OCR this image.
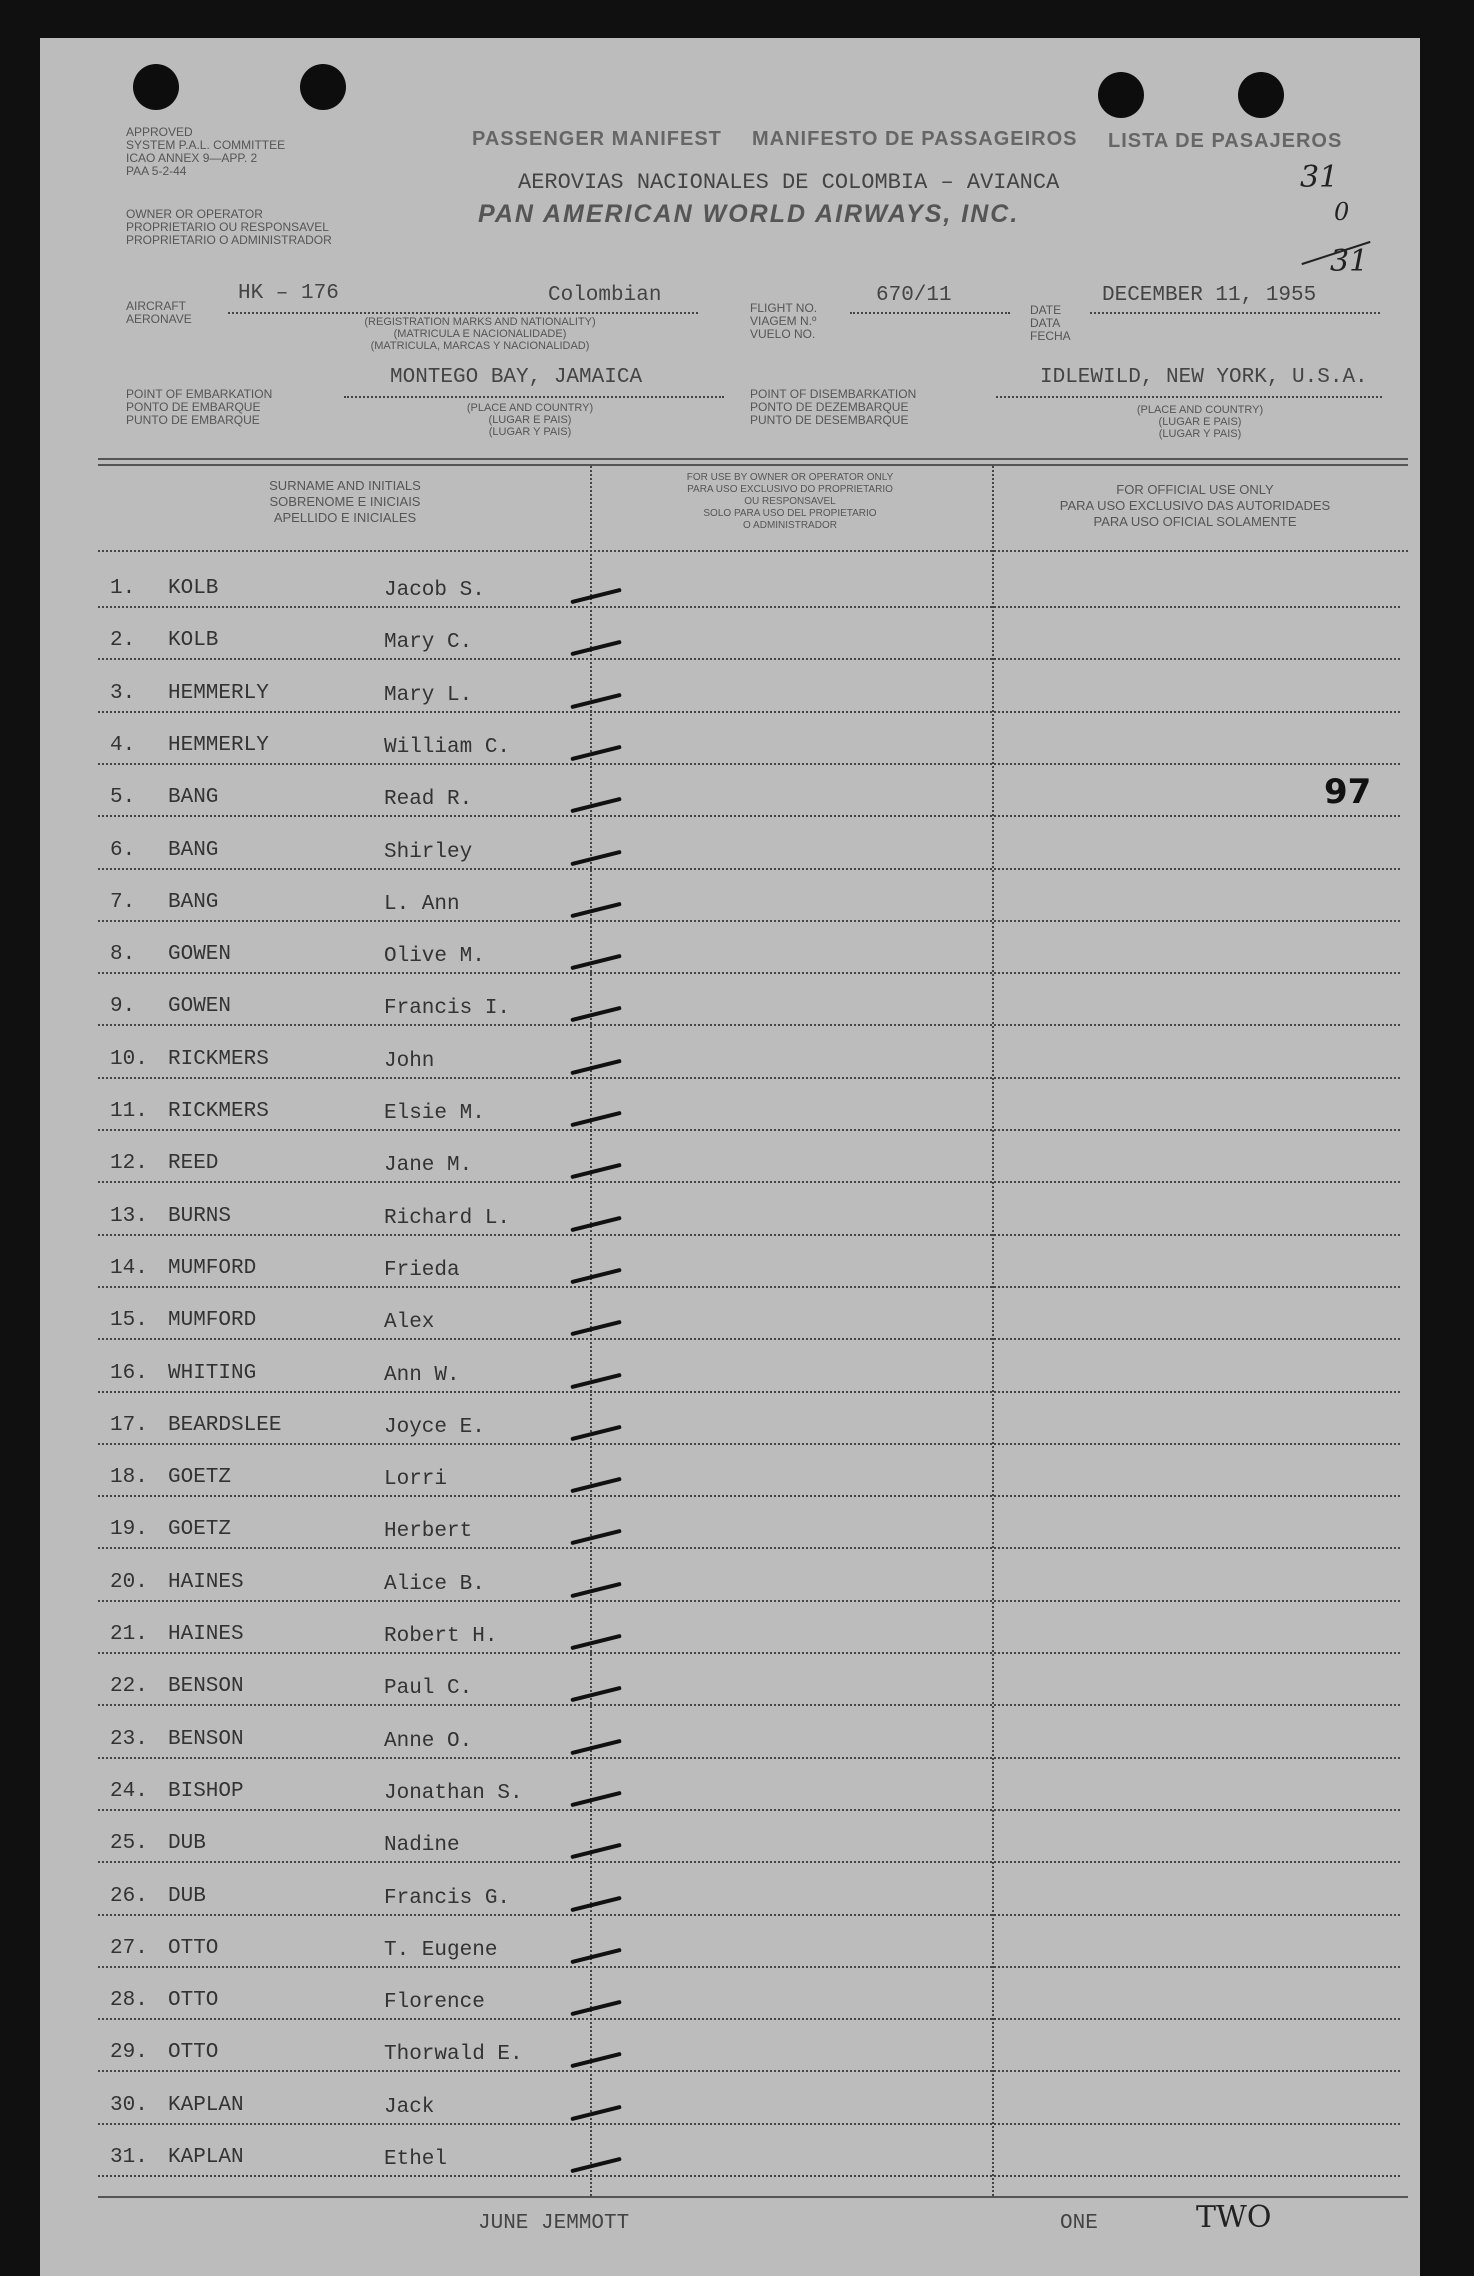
APPROVED
SYSTEM P.A.L. COMMITTEE
ICAO ANNEX 9—APP. 2
PAA 5-2-44
OWNER OR OPERATOR
PROPRIETARIO OU RESPONSAVEL
PROPRIETARIO O ADMINISTRADOR
PASSENGER MANIFEST MANIFESTO DE PASSAGEIROS LISTA DE PASAJEROS
AEROVIAS NACIONALES DE COLOMBIA – AVIANCA
PAN AMERICAN WORLD AIRWAYS, INC.
31
0
31
AIRCRAFT
AERONAVE
HK – 176	Colombian
(REGISTRATION MARKS AND NATIONALITY)
(MATRICULA E NACIONALIDADE)
(MATRICULA, MARCAS Y NACIONALIDAD)
FLIGHT NO.
VIAGEM N.º
VUELO NO.
670/11
DATE
DATA
FECHA
DECEMBER 11, 1955
POINT OF EMBARKATION
PONTO DE EMBARQUE
PUNTO DE EMBARQUE
MONTEGO BAY, JAMAICA
(PLACE AND COUNTRY)
(LUGAR E PAIS)
(LUGAR Y PAIS)
POINT OF DISEMBARKATION
PONTO DE DEZEMBARQUE
PUNTO DE DESEMBARQUE
IDLEWILD, NEW YORK, U.S.A.
(PLACE AND COUNTRY)
(LUGAR E PAIS)
(LUGAR Y PAIS)
SURNAME AND INITIALS
SOBRENOME E INICIAIS
APELLIDO E INICIALES
FOR USE BY OWNER OR OPERATOR ONLY
PARA USO EXCLUSIVO DO PROPRIETARIO
OU RESPONSAVEL
SOLO PARA USO DEL PROPIETARIO
O ADMINISTRADOR
FOR OFFICIAL USE ONLY
PARA USO EXCLUSIVO DAS AUTORIDADES
PARA USO OFICIAL SOLAMENTE
97
1.	KOLB	Jacob S.
2.	KOLB	Mary C.
3.	HEMMERLY	Mary L.
4.	HEMMERLY	William C.
5.	BANG	Read R.
6.	BANG	Shirley
7.	BANG	L. Ann
8.	GOWEN	Olive M.
9.	GOWEN	Francis I.
10. RICKMERS	John
11. RICKMERS	Elsie M.
12. REED	Jane M.
13. BURNS	Richard L.
14. MUMFORD	Frieda
15. MUMFORD	Alex
16. WHITING	Ann W.
17. BEARDSLEE	Joyce E.
18. GOETZ	Lorri
19. GOETZ	Herbert
20. HAINES	Alice B.
21. HAINES	Robert H.
22. BENSON	Paul C.
23. BENSON	Anne O.
24. BISHOP	Jonathan S.
25. DUB	Nadine
26. DUB	Francis G.
27. OTTO	T. Eugene
28. OTTO	Florence
29. OTTO	Thorwald E.
30. KAPLAN	Jack
31. KAPLAN	Ethel
JUNE JEMMOTT	ONE	TWO
